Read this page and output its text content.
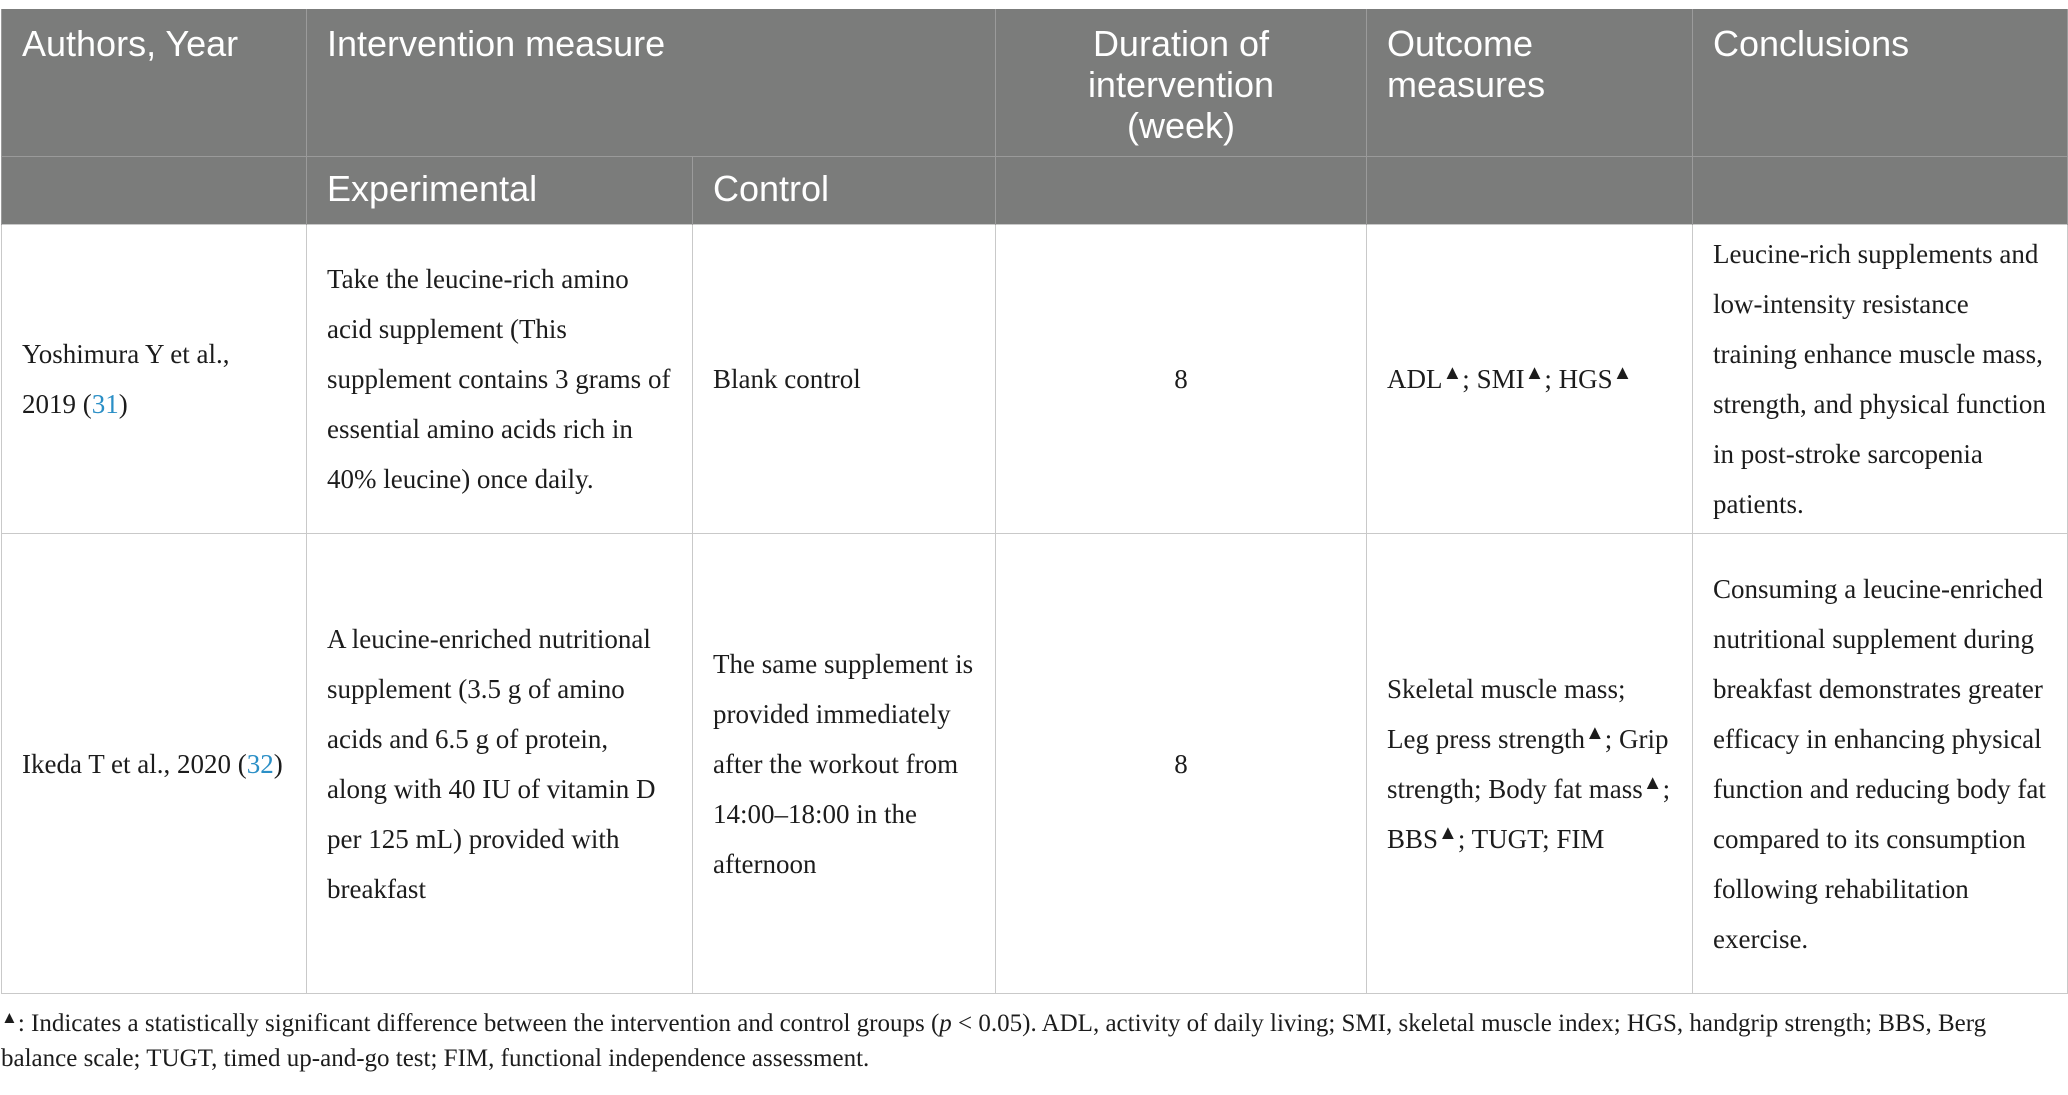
Authors, Year	Intervention measure		Duration of intervention (week)	Outcome measures	Conclusions
	Experimental	Control			
Yoshimura Y et al., 2019 (31)	Take the leucine-rich amino acid supplement (This supplement contains 3 grams of essential amino acids rich in 40% leucine) once daily.	Blank control	8	ADL▲; SMI▲; HGS▲	Leucine-rich supplements and low-intensity resistance training enhance muscle mass, strength, and physical function in post-stroke sarcopenia patients.
Ikeda T et al., 2020 (32)	A leucine-enriched nutritional supplement (3.5 g of amino acids and 6.5 g of protein, along with 40 IU of vitamin D per 125 mL) provided with breakfast	The same supplement is provided immediately after the workout from 14:00–18:00 in the afternoon	8	Skeletal muscle mass; Leg press strength▲; Grip strength; Body fat mass▲; BBS▲; TUGT; FIM	Consuming a leucine-enriched nutritional supplement during breakfast demonstrates greater efficacy in enhancing physical function and reducing body fat compared to its consumption following rehabilitation exercise.
▲: Indicates a statistically significant difference between the intervention and control groups (p < 0.05). ADL, activity of daily living; SMI, skeletal muscle index; HGS, handgrip strength; BBS, Berg balance scale; TUGT, timed up-and-go test; FIM, functional independence assessment.
